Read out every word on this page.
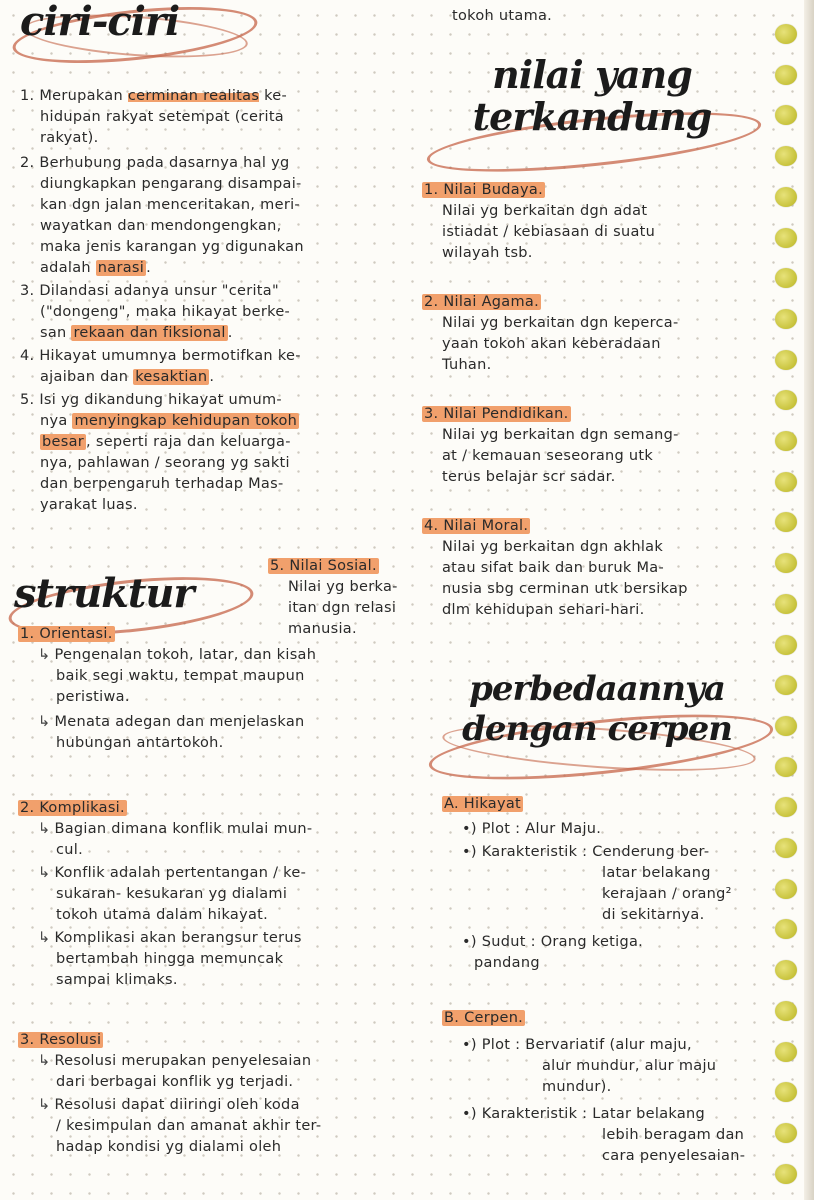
ciri-ciri

1. Merupakan cerminan realitas ke-

hidupan rakyat setempat (cerita

rakyat).

2. Berhubung pada dasarnya hal yg

diungkapkan pengarang disampai-

kan dgn jalan menceritakan, meri-

wayatkan dan mendongengkan,

maka jenis karangan yg digunakan

adalah narasi .

3. Dilandasi adanya unsur "cerita"

("dongeng", maka hikayat berke-

san rekaan dan fiksional .

4. Hikayat umumnya bermotifkan ke-

ajaiban dan kesaktian .

5. Isi yg dikandung hikayat umum-

nya menyingkap kehidupan tokoh

besar , seperti raja dan keluarga-

nya, pahlawan / seorang yg sakti

dan berpengaruh terhadap Mas-

yarakat luas.

struktur

5. Nilai Sosial.

Nilai yg berka-

itan dgn relasi

manusia.

1. Orientasi.

↳ Pengenalan tokoh, latar, dan kisah

baik segi waktu, tempat maupun

peristiwa.

↳ Menata adegan dan menjelaskan

hubungan antartokoh.

2. Komplikasi.

↳ Bagian dimana konflik mulai mun-

cul.

↳ Konflik adalah pertentangan / ke-

sukaran- kesukaran yg dialami

tokoh utama dalam hikayat.

↳ Komplikasi akan berangsur terus

bertambah hingga memuncak

sampai klimaks.

3. Resolusi

↳ Resolusi merupakan penyelesaian

dari berbagai konflik yg terjadi.

↳ Resolusi dapat diiringi oleh koda

/ kesimpulan dan amanat akhir ter-

hadap kondisi yg dialami oleh

tokoh utama.

nilai yang
terkandung

1. Nilai Budaya.

Nilai yg berkaitan dgn adat

istiadat / kebiasaan di suatu

wilayah tsb.

2. Nilai Agama.

Nilai yg berkaitan dgn keperca-

yaan tokoh akan keberadaan

Tuhan.

3. Nilai Pendidikan.

Nilai yg berkaitan dgn semang-

at / kemauan seseorang utk

terus belajar scr sadar.

4. Nilai Moral.

Nilai yg berkaitan dgn akhlak

atau sifat baik dan buruk Ma-

nusia sbg cerminan utk bersikap

dlm kehidupan sehari-hari.

perbedaannya
dengan cerpen

A. Hikayat

•) Plot : Alur Maju.

•) Karakteristik : Cenderung ber-

latar belakang

kerajaan / orang²

di sekitarnya.

•) Sudut : Orang ketiga.

pandang

B. Cerpen.

•) Plot : Bervariatif (alur maju,

alur mundur, alur maju

mundur).

•) Karakteristik : Latar belakang

lebih beragam dan

cara penyelesaian-
